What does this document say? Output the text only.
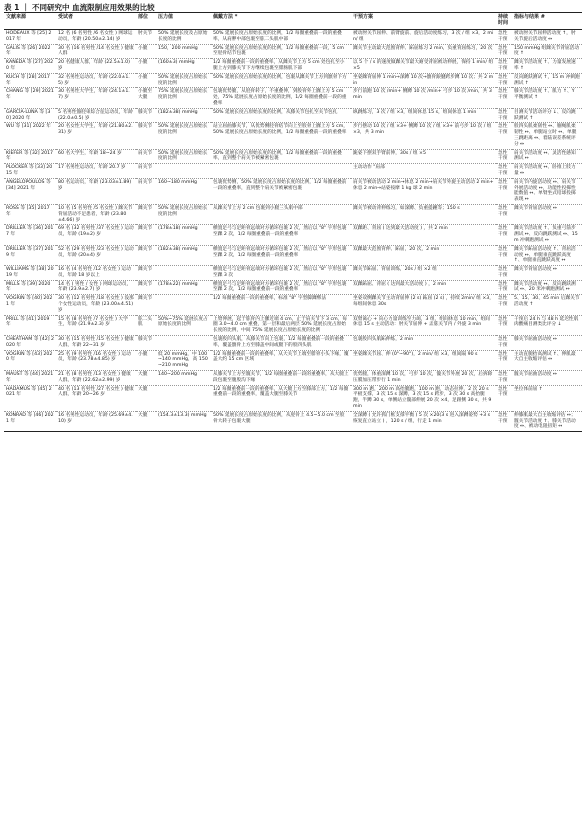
表 1 ｜ 不同研究中 血流限制应用效果的比较
文献来源	受试者	部位	压力值	佩戴方法 *	干预方案	持续时间	指标与结果 #
HODEAUX 等 [25] 2017 年	12 名 (6 名男性 /6 名女性 ) 网球运动员，年龄 (20.50±2.14) 岁	肘关节	50% 延展长度及占原始长度的比例	50% 延展长度占原始长度的比例，1/2 每圈重叠前一段的重叠率，从肩胛中部包裹至肱二头肌中部	被动肘关节屈伸、前臂旋前、旋后活动度练习，3 次 / 组 ×3，2 min/ 组	急性干预	被动肘关节屈伸活动度 ↑，肘关节旋后活动度 ↔
GALIS 等 [26] 2022 年	30 名 (16 名男性 /14 名女性 ) 健康人群	小腿	150，200 mmHg	50% 延展长度占原始长度的比例，1/2 每圈重叠前一段，5 cm 至胫骨结节包裹	踝关节主动最大范围背伸、跖屈练习 2 min，负重背屈练习，20 次	急性干预	150 mmHg 组踝关节背屈活动度 ↑
KANEDA 等 [27] 2020 年	20 名健康人群，年龄 (22.5±1.0) 岁	小腿	(160±3) mmHg	1/2 每圈重叠前一段的重叠率，从踝关节上方 5 cm 处包扎至小腿上方到膝关节下方继续包裹至腓肠肌下部	以 5 个 / s 的速度做踝关节最大耐受背屈被动伸展，保持 1 min/ 组 ×5	急性干预	踝关节活动度 ↑、力量发展速率 ↑
KUCH 等 [28] 2017 年	32 名男性运动员，年龄 (22.0±1.5) 岁	小腿	50% 延展长度占原始长度的比例	50% 延展长度占原始长度的比例，包裹从踝关节上方到髌骨下方	坐姿踝背屈伸 1 min→深蹲 10 次→髌骨跟腱跨步蹲 10 次；共 2 min	急性干预	反向跳跃测试 ↑，15 m 冲刺跑测试 ↑
CHANG 等 [29] 2021 年	30 名男性大学生，年龄 (24.1±1.7) 岁	小腿至大腿	75% 延展长度占原始长度的比例	包裹优势腿，从胫骨转子，不重叠伸，到股骨外上髁上方 5 cm 处，75% 延展长度占原始长度的比例，1/2 每圈重叠前一段的重叠率	步行前跑 10 次 /min+ 侧蹲 10 次 /min+ 弓步 10 次 /min，共 3 min	急性干预	膝关节活动度 ↑、肌力 ↑、Y 平衡测试 ↑
GARCÍA-LUNA 等 [30] 2020 年	5 名男性髂胫束综合征运动员，年龄 (22.0±0.5) 岁	膝关节	(182±38) mmHg	50% 延展长度占原始长度的比例，从膝关节包扎至关节包扎	纵跳练习，3 次 / 组 ×3，组间休息 15 s，组间休息 1 min	急性干预	目测关节活动评分 ↓、反向跳跃测试 ↑
WU 等 [31] 2022 年	20 名女性大学生，年龄 (21.80±2.31) 岁	膝关节	50% 延展长度占原始长度的比例	站立屈曲膝关节，从优势侧胫骨结节向上至股骨上髁上方 5 cm，50% 延展长度占原始长度的比例，1/2 每圈重叠前一段的重叠率	步行摆动 10 次 / 组 ×3+ 侧蹲 10 次 / 组 ×3+ 前弓步 10 次 / 组 ×3，共 3 min	急性干预	股四头肌柔韧性 ↔、腘绳肌柔韧性 ↔、单腿站立时 ↔、单腿三跳距离 ↔、着陆误差系统评分 ↔
KIEFER 等 [32] 2017 年	60 名大学生，年龄 18~24 岁	肩关节	50% 延展长度占原始长度的比例	50% 延展长度占原始长度的比例，1/2 每圈重叠前一段的重叠率，直到整个肩关节被紧密包裹	跪姿下摆双手臂前伸，30s / 组 ×5	急性干预	肩关节活动度 ↔、灵活性感知测试 ↔
PLOCKER 等 [33] 2015 年	17 名男性运动员，年龄 20.7 岁	肩关节			主动动作 "肩部	急性干预	肩关节活动度 ↔、卧推上肢力量 ↔
ANGELOPOULOS 等 [34] 2021 年	80 名运动员，年龄 (23.03±1.89) 岁	肩关节	160~180 mmHg	包裹优势侧，50% 延展长度占原始长度的比例，1/2 每圈重叠前一段的重叠率，直到整个肩关节被紧密包裹	肩关节被动活动 2 min→休息 2 min→肩关节外旋主动活动 2 min+ 休息 2 min→站姿按摩 1 kg 球 2 min	急性干预	肩关节内旋活动度 ↔、肩关节外展活动度 ↔，功能性投掷性能数值 ↔、单臂坐式铅球投掷表现 ↔
ROSS 等 [35] 2017 年	10 名 (5 名男性 /5 名女性 ) 踝关节背屈活动不足患者，年龄 (23.80±4.66) 岁	踝关节	50% 延展长度占原始长度的比例	从踝关节上方 2 cm 包裹到小腿三头肌中部	踝关节被动背伸练习，如深蹲、负重提踵等；150 s	急性干预	踝关节背屈活动度 ↔
DRILLER 等 [36] 2017 年	69 名 (32 名男性 /37 名女性 ) 运动员，年龄 (19±2) 岁	踝关节	(178±18) mmHg	横置足弓与足距骨远端对方循环包裹 2 次，然后以 "8" 字形包裹至踝 2 次，1/2 每圈重叠前一段的重叠率	双踝距、背屈 ( 达到最大活动度 ) ，共 2 min	急性干预	踝关节活动度 ↑、负重弓箭步测试 ↔、反向跳跃测试 ↔、15 m 冲刺跑测试 ↔
DRILLER 等 [37] 2019 年	52 名 (29 名男性 /23 名女性 ) 运动员，年龄 (20±4) 岁	踝关节	(182±38) mmHg	横置足弓与足距骨远端对方循环包裹 2 次，然后以 "8" 字形包裹至踝 2 次，1/2 每圈重叠前一段的重叠率	双踝最大范围背伸、跖屈，20 次，2 min	急性干预	踝关节跖屈活动度 ↑、背屈活动度 ↔、单腿垂直跳跃高度 ↑、单腿垂直跳跃高度 ↔
WILLIAMS 等 [38] 2019 年	16 名 (4 名男性 /12 名女性 ) 运动员，年龄 18 岁以上	踝关节		横置足弓与足距骨远端对方循环包裹 2 次，然后以 "8" 字形包裹至踝 3 次	踝关节跖屈、背屈训练，20s / 组 ×2 组	急性干预	踝关节背屈活动度 ↔
MILLS 等 [39] 2020 年	14 名 ( 男性 / 女性 ) 网球运动员，年龄 (23.9±2.7) 岁	踝关节	(178±22) mmHg	横置足弓与足距骨远端对方循环包裹 2 次，然后以 "8" 字形包裹至踝 2 次，1/2 每圈重叠前一段的重叠率	双踝跖屈、背屈 ( 达到最大活动度 ) ，2 min	急性干预	踝关节活动度 ↔、反向跳跃测试 ↔、20 米冲刺跑测试 ↔
VOGRIN 等 [40] 2021 年	30 名 (12 名男性 /18 名女性 ) 没那个女性运动员，年龄 (23.00±4.51) 岁	踝关节		1/2 每圈重叠前一段的重叠率，标准 "8" 字型脚踝绑法	坐姿双侧踝关节主动背屈伸 (2 s) 跖屈 (2 s) ，持续 2min/ 组 ×3，每组间休息 30s	急性干预	5、15、30、45 min 后踝关节活动度 ↑
PRILL 等 [41] 2019 年	15 名 (8 名男性 /7 名女性 ) 大学生，年龄 (21.9±2.3) 岁	肱二头肌	50%~75% 延展长度占原始长度的比例	上臂伸展，起于肱骨内上髁近端 4 cm，止于肩关节下 3 cm，每圈 3.0~4.0 cm 重叠，第一层和最后两层 50% 延展长度占原始长度的比例，中间 75% 延展长度占原始长度的比例	双臂离心 + 向心力量训练至力竭，3 组，组间休息 10 min，组间休息 15 s 主动活动：肘关节屈伸 + 盂肱关节内 / 外旋 3 min	急性干预	干预后 24 h 与 48 h 延迟性肌肉酸痛目测类比评分 ↓
CHEATHAM 等 [42] 2020 年	30 名 (15 名男性 /15 名女性 ) 健康人群，年龄 22~31 岁	膝关节		包裹股四头肌，从膝关节向上包裹，1/2 每圈重叠前一段的重叠率，覆盖髌骨上方至膝盖中间或腿下的股四头肌	包裹股四头肌跖伸练，2 min	急性干预	膝关节屈曲活动度 ↔
VOGRIN 等 [43] 2020 年	25 名 (9 名男性 /16 名女性 ) 运动员，年龄 (23.78±4.85) 岁	小腿	低 20 mmHg，中 100~140 mmHg，高 150~210 mmHg	1/2 每圈重叠前一段的重叠率，从大关节上端至腓骨小头下缘，覆盖大约 15 cm 区域	坐姿踝关节屈、伸 (0°~90°)，2 min/ 组 ×3，组间隔 90 s	急性干预	主动直腿抬高测试 ↑、伸肌最大自主收缩评估 ↔
MAUST 等 [44] 2021 年	21 名 (8 名男性 /13 名女性 ) 健康人群，年龄 (22.62±2.99) 岁	大腿	140~200 mmHg	从膝关节上方至髋关节，1/2 每圈重叠前一段的重叠率，从大腿上段包裹至腹股沟下缘	优势腿，体重深蹲 10 次，弓步 10 次，髋关节外展 20 次，后拆除压膜加压带步行 1 min	急性干预	髋关节屈曲活动度 ↔
HADAMUS 等 [45] 2021 年	40 名 (13 名男性 /27 名女性 ) 健康人群，年龄 20~26 岁	大腿		1/2 每圈重叠前一段的重叠率，从大腿上方至膝部上方，1/2 每圈重叠前一段的重叠率，覆盖大腿至膝关节	300 m 跑，200 m 高抬腿跑，100 m 跑，动态拉伸，2 次 20 s 平板支撑，3 次 15 s 深蹲，3 次 15 s 跨步，3 次 30 s 高抬腿跑，半蹲 30 s，单侧站立髋部伸展 20 次 ×4，足跟侧 30 s，共 9 min	急性干预	坐位体前屈 ↑
KONRAD 等 [46] 2021 年	16 名男性运动员，年龄 (25.69±4.10) 岁	大腿	(154.3±13.3) mmHg	50% 延展长度占原始长度的比例，从胫骨上 4.5~5.0 cm 至股骨大转子包裹大腿	全深蹲 ( 允许抓门框支撑平衡 ) 5 次 ×20(3 s 进入深蹲姿势 +3 s 恢复直立站立 ) ，120 s / 组，行走 1 min	急性干预	伸膝肌最大自主收缩评估 ↔；髋关节活动度 ↑、膝关节活动度 ↔、被动电阻扭矩 ↔
